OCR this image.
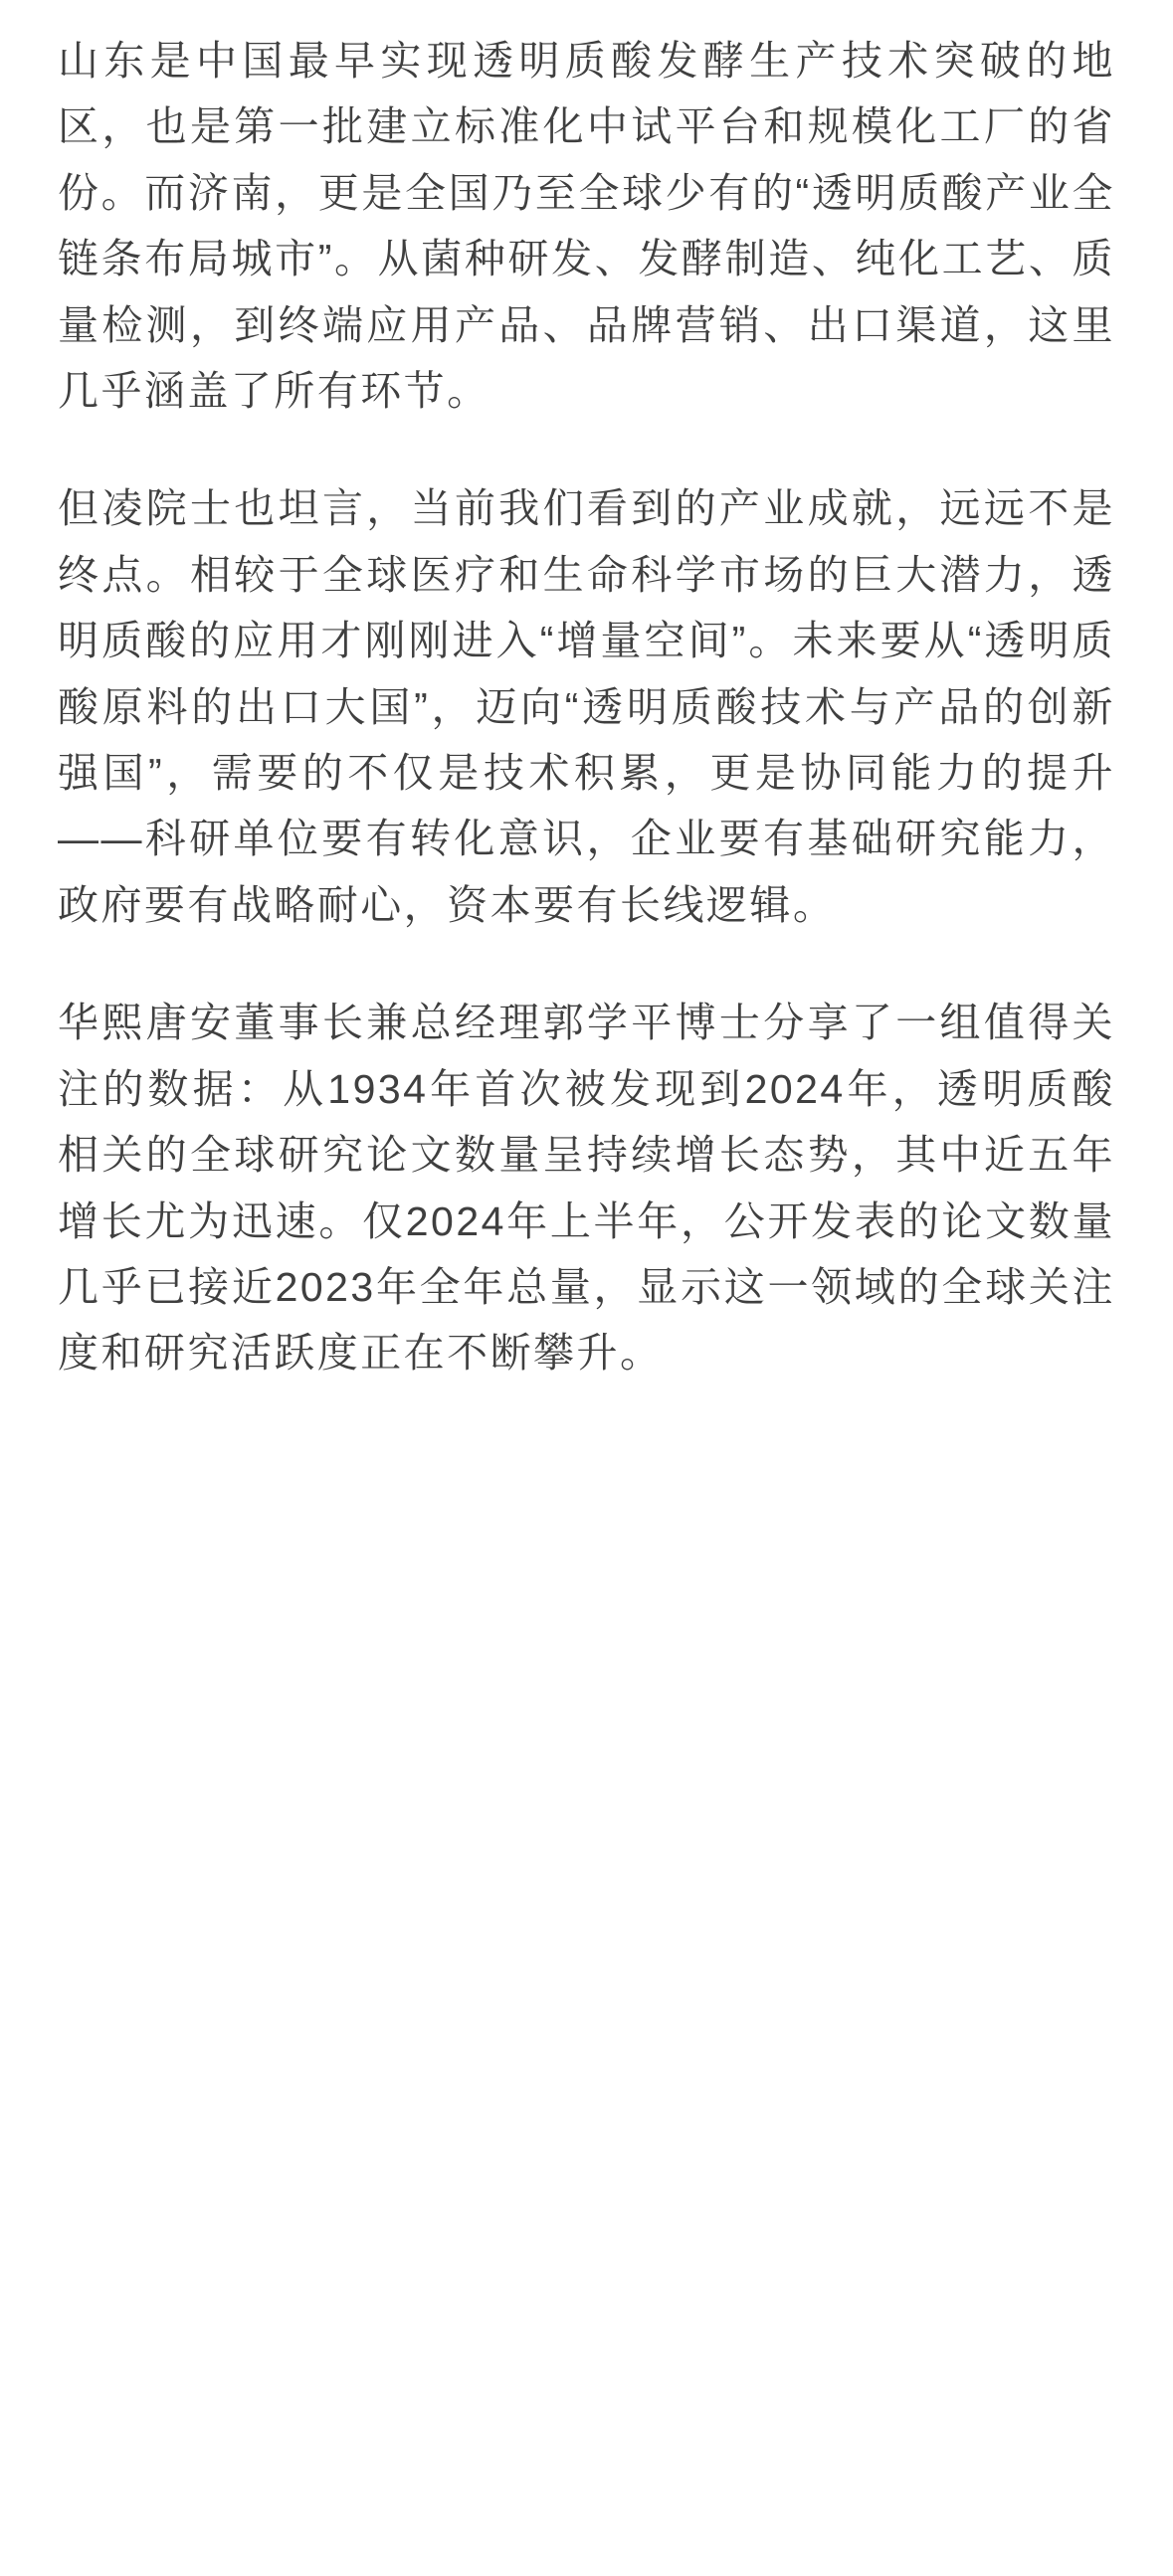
山东是中国最早实现透明质酸发酵生产技术突破的地区，也是第一批建立标准化中试平台和规模化工厂的省份。而济南，更是全国乃至全球少有的“透明质酸产业全链条布局城市”。从菌种研发、发酵制造、纯化工艺、质量检测，到终端应用产品、品牌营销、出口渠道，这里几乎涵盖了所有环节。

但凌院士也坦言，当前我们看到的产业成就，远远不是终点。相较于全球医疗和生命科学市场的巨大潜力，透明质酸的应用才刚刚进入“增量空间”。未来要从“透明质酸原料的出口大国”，迈向“透明质酸技术与产品的创新强国”，需要的不仅是技术积累，更是协同能力的提升——科研单位要有转化意识，企业要有基础研究能力，政府要有战略耐心，资本要有长线逻辑。

华熙唐安董事长兼总经理郭学平博士分享了一组值得关注的数据：从1934年首次被发现到2024年，透明质酸相关的全球研究论文数量呈持续增长态势，其中近五年增长尤为迅速。仅2024年上半年，公开发表的论文数量几乎已接近2023年全年总量，显示这一领域的全球关注度和研究活跃度正在不断攀升。
